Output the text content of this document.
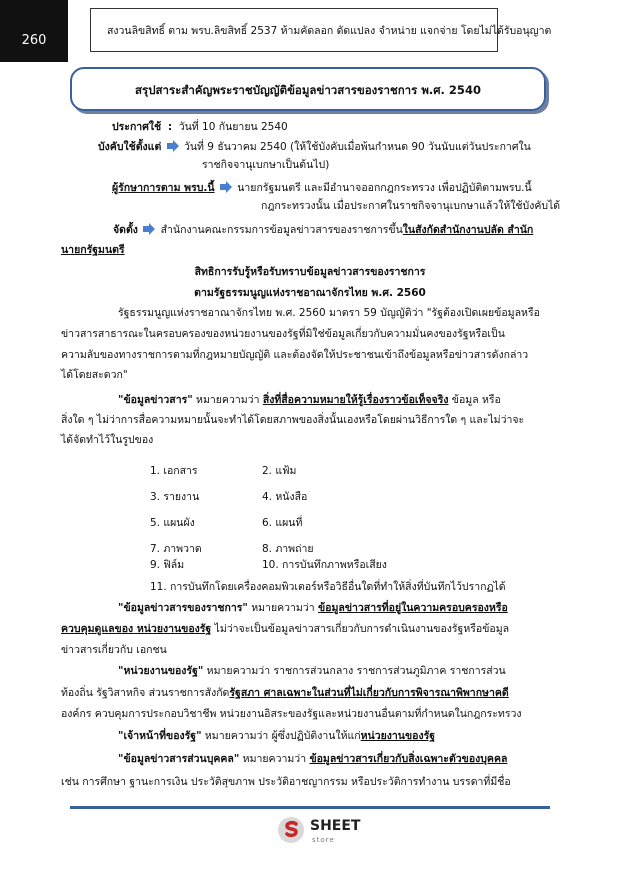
260
สงวนลิขสิทธิ์ ตาม พรบ.ลิขสิทธิ์ 2537 ห้ามคัดลอก ดัดแปลง จำหน่าย แจกจ่าย โดยไม่ได้รับอนุญาต
สรุปสาระสำคัญพระราชบัญญัติข้อมูลข่าวสารของราชการ พ.ศ. 2540
ประกาศใช้ : วันที่ 10 กันยายน 2540
บังคับใช้ตั้งแต่ วันที่ 9 ธันวาคม 2540 (ให้ใช้บังคับเมื่อพ้นกำหนด 90 วันนับแต่วันประกาศใน
ราชกิจจานุเบกษาเป็นต้นไป)
ผู้รักษาการตาม พรบ.นี้ นายกรัฐมนตรี และมีอำนาจออกกฎกระทรวง เพื่อปฏิบัติตามพรบ.นี้
กฎกระทรวงนั้น เมื่อประกาศในราชกิจจานุเบกษาแล้วให้ใช้บังคับได้
จัดตั้ง สำนักงานคณะกรรมการข้อมูลข่าวสารของราชการขึ้นในสังกัดสำนักงานปลัด สำนัก
นายกรัฐมนตรี
สิทธิการรับรู้หรือรับทราบข้อมูลข่าวสารของราชการ
ตามรัฐธรรมนูญแห่งราชอาณาจักรไทย พ.ศ. 2560
รัฐธรรมนูญแห่งราชอาณาจักรไทย พ.ศ. 2560 มาตรา 59 บัญญัติว่า "รัฐต้องเปิดเผยข้อมูลหรือ
ข่าวสารสาธารณะในครอบครองของหน่วยงานของรัฐที่มิใช่ข้อมูลเกี่ยวกับความมั่นคงของรัฐหรือเป็น
ความลับของทางราชการตามที่กฎหมายบัญญัติ และต้องจัดให้ประชาชนเข้าถึงข้อมูลหรือข่าวสารดังกล่าว
ได้โดยสะดวก"
"ข้อมูลข่าวสาร" หมายความว่า สิ่งที่สื่อความหมายให้รู้เรื่องราวข้อเท็จจริง ข้อมูล หรือ
สิ่งใด ๆ ไม่ว่าการสื่อความหมายนั้นจะทำได้โดยสภาพของสิ่งนั้นเองหรือโดยผ่านวิธีการใด ๆ และไม่ว่าจะ
ได้จัดทำไว้ในรูปของ
1. เอกสาร	2. แฟ้ม
3. รายงาน	4. หนังสือ
5. แผนผัง	6. แผนที่
7. ภาพวาด	8. ภาพถ่าย
9. ฟิล์ม	10. การบันทึกภาพหรือเสียง
11. การบันทึกโดยเครื่องคอมพิวเตอร์หรือวิธีอื่นใดที่ทำให้สิ่งที่บันทึกไว้ปรากฏได้
"ข้อมูลข่าวสารของราชการ" หมายความว่า ข้อมูลข่าวสารที่อยู่ในความครอบครองหรือ
ควบคุมดูแลของ หน่วยงานของรัฐ ไม่ว่าจะเป็นข้อมูลข่าวสารเกี่ยวกับการดำเนินงานของรัฐหรือข้อมูล
ข่าวสารเกี่ยวกับ เอกชน
"หน่วยงานของรัฐ" หมายความว่า ราชการส่วนกลาง ราชการส่วนภูมิภาค ราชการส่วน
ท้องถิ่น รัฐวิสาหกิจ ส่วนราชการสังกัดรัฐสภา ศาลเฉพาะในส่วนที่ไม่เกี่ยวกับการพิจารณาพิพากษาคดี
องค์กร ควบคุมการประกอบวิชาชีพ หน่วยงานอิสระของรัฐและหน่วยงานอื่นตามที่กำหนดในกฎกระทรวง
"เจ้าหน้าที่ของรัฐ" หมายความว่า ผู้ซึ่งปฏิบัติงานให้แก่หน่วยงานของรัฐ
"ข้อมูลข่าวสารส่วนบุคคล" หมายความว่า ข้อมูลข่าวสารเกี่ยวกับสิ่งเฉพาะตัวของบุคคล
เช่น การศึกษา ฐานะการเงิน ประวัติสุขภาพ ประวัติอาชญากรรม หรือประวัติการทำงาน บรรดาที่มีชื่อ
SHEET
store
